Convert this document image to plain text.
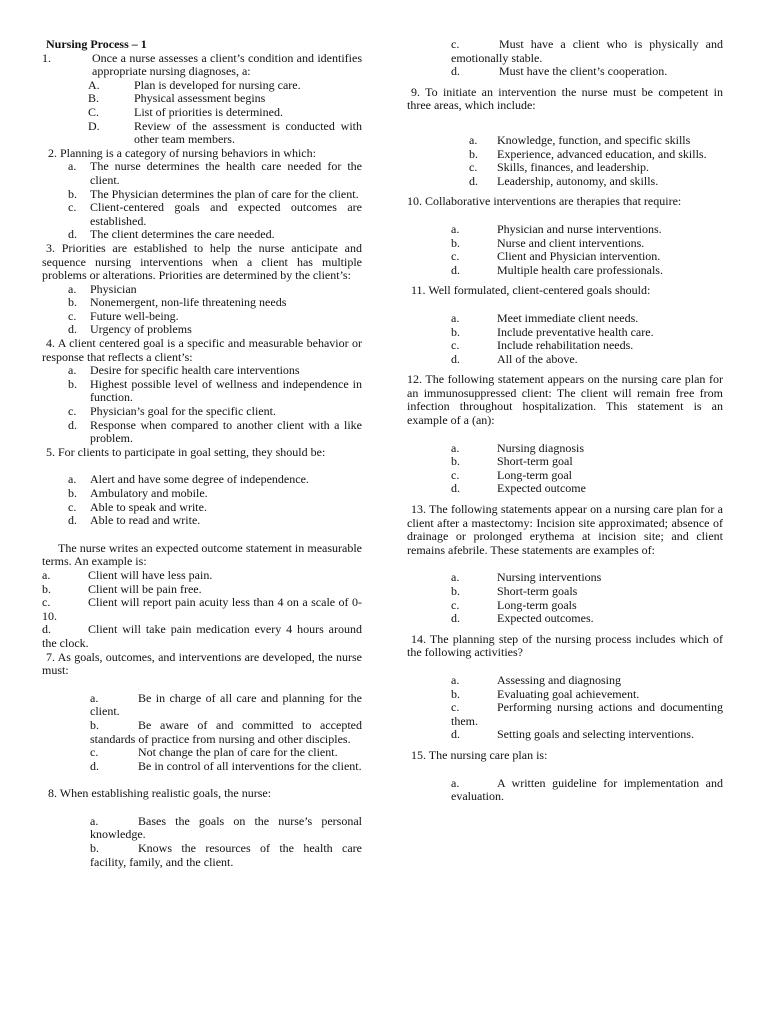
Nursing Process – 1
1.	Once a nurse assesses a client’s condition and identifies appropriate nursing diagnoses, a:
A.	Plan is developed for nursing care.
B.	Physical assessment begins
C.	List of priorities is determined.
D.	Review of the assessment is conducted with other team members.
2. Planning is a category of nursing behaviors in which:
a.	The nurse determines the health care needed for the client.
b.	The Physician determines the plan of care for the client.
c.	Client-centered goals and expected outcomes are established.
d.	The client determines the care needed.
3. Priorities are established to help the nurse anticipate and sequence nursing interventions when a client has multiple problems or alterations. Priorities are determined by the client’s:
a.	Physician
b.	Nonemergent, non-life threatening needs
c.	Future well-being.
d.	Urgency of problems
4. A client centered goal is a specific and measurable behavior or response that reflects a client’s:
a.	Desire for specific health care interventions
b.	Highest possible level of wellness and independence in function.
c.	Physician’s goal for the specific client.
d.	Response when compared to another client with a like problem.
5. For clients to participate in goal setting, they should be:
a.	Alert and have some degree of independence.
b.	Ambulatory and mobile.
c.	Able to speak and write.
d.	Able to read and write.
The nurse writes an expected outcome statement in measurable terms. An example is:
a.	Client will have less pain.
b.	Client will be pain free.
c.	Client will report pain acuity less than 4 on a scale of 0-10.
d.	Client will take pain medication every 4 hours around the clock.
7. As goals, outcomes, and interventions are developed, the nurse must:
a.	Be in charge of all care and planning for the client.
b.	Be aware of and committed to accepted standards of practice from nursing and other disciples.
c.	Not change the plan of care for the client.
d.	Be in control of all interventions for the client.
8. When establishing realistic goals, the nurse:
a.	Bases the goals on the nurse’s personal knowledge.
b.	Knows the resources of the health care facility, family, and the client.
c.	Must have a client who is physically and emotionally stable.
d.	Must have the client’s cooperation.
9. To initiate an intervention the nurse must be competent in three areas, which include:
a. Knowledge, function, and specific skills
b. Experience, advanced education, and skills.
c. Skills, finances, and leadership.
d. Leadership, autonomy, and skills.
10. Collaborative interventions are therapies that require:
a.	Physician and nurse interventions.
b.	Nurse and client interventions.
c.	Client and Physician intervention.
d.	Multiple health care professionals.
11. Well formulated, client-centered goals should:
a.	Meet immediate client needs.
b.	Include preventative health care.
c.	Include rehabilitation needs.
d.	All of the above.
12. The following statement appears on the nursing care plan for an immunosuppressed client: The client will remain free from infection throughout hospitalization. This statement is an example of a (an):
a.	Nursing diagnosis
b.	Short-term goal
c.	Long-term goal
d.	Expected outcome
13. The following statements appear on a nursing care plan for a client after a mastectomy: Incision site approximated; absence of drainage or prolonged erythema at incision site; and client remains afebrile. These statements are examples of:
a.	Nursing interventions
b.	Short-term goals
c.	Long-term goals
d.	Expected outcomes.
14. The planning step of the nursing process includes which of the following activities?
a.	Assessing and diagnosing
b.	Evaluating goal achievement.
c.	Performing nursing actions and documenting them.
d.	Setting goals and selecting interventions.
15. The nursing care plan is:
a.	A written guideline for implementation and evaluation.
